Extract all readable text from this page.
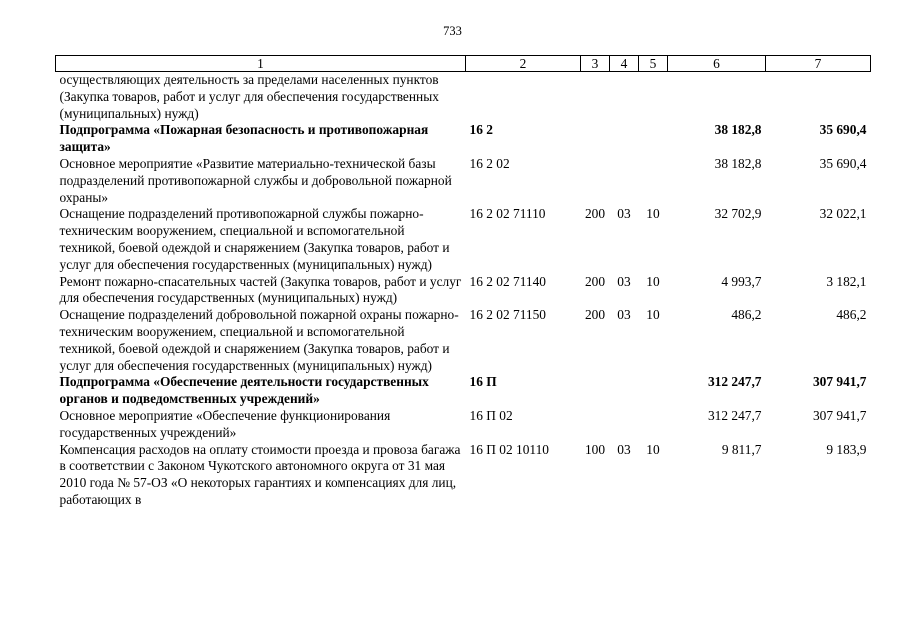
733
1	2	3	4	5	6	7
осуществляющих деятельность за пределами населенных пунктов (Закупка товаров, работ и услуг для обеспечения государственных (муниципальных) нужд)						
Подпрограмма «Пожарная безопасность и противопожарная защита»	16 2				38 182,8	35 690,4
Основное мероприятие «Развитие материально-технической базы подразделений противопожарной службы и добровольной пожарной охраны»	16 2 02				38 182,8	35 690,4
Оснащение подразделений противопожарной службы пожарно-техническим вооружением, специальной и вспомогательной техникой, боевой одеждой и снаряжением (Закупка товаров, работ и услуг для обеспечения государственных (муниципальных) нужд)	16 2 02 71110	200	03	10	32 702,9	32 022,1
Ремонт пожарно-спасательных частей (Закупка товаров, работ и услуг для обеспечения государственных (муниципальных) нужд)	16 2 02 71140	200	03	10	4 993,7	3 182,1
Оснащение подразделений добровольной пожарной охраны пожарно-техническим вооружением, специальной и вспомогательной техникой, боевой одеждой и снаряжением (Закупка товаров, работ и услуг для обеспечения государственных (муниципальных) нужд)	16 2 02 71150	200	03	10	486,2	486,2
Подпрограмма «Обеспечение деятельности государственных органов и подведомственных учреждений»	16 П				312 247,7	307 941,7
Основное мероприятие «Обеспечение функционирования государственных учреждений»	16 П 02				312 247,7	307 941,7
Компенсация расходов на оплату стоимости проезда и провоза багажа в соответствии с Законом Чукотского автономного округа от 31 мая 2010 года № 57-ОЗ «О некоторых гарантиях и компенсациях для лиц, работающих в	16 П 02 10110	100	03	10	9 811,7	9 183,9
